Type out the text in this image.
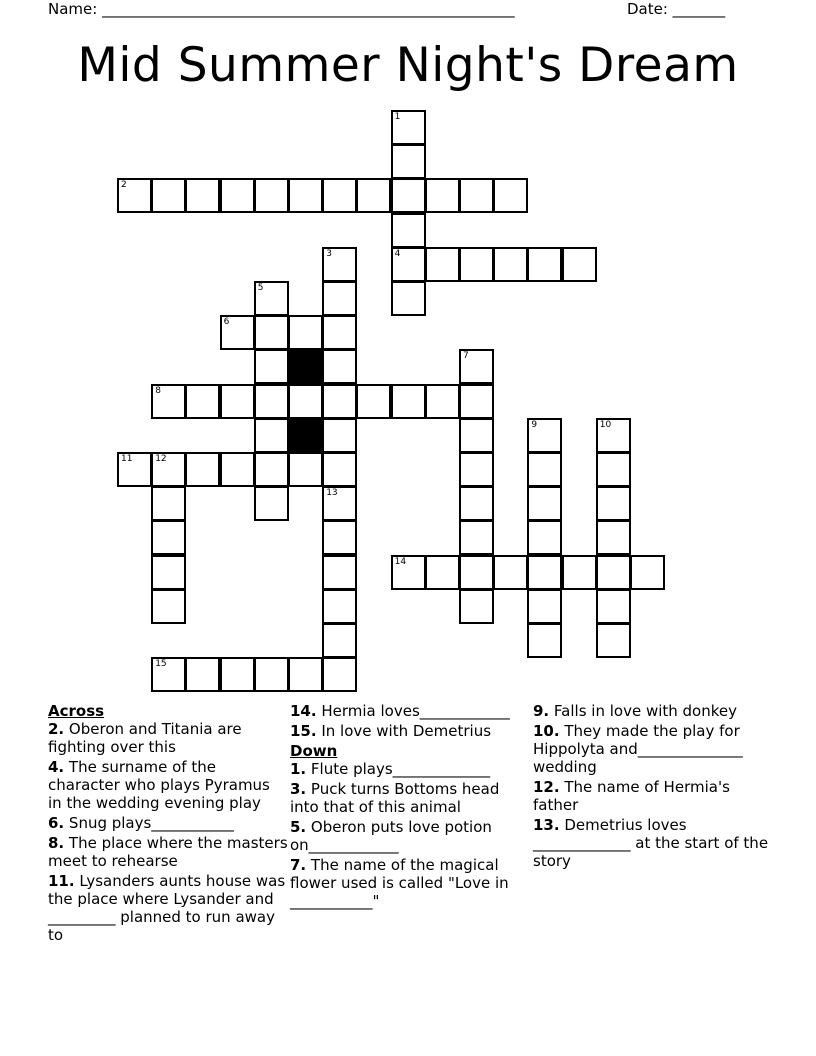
Name: _______________________________________________________	Date: _______
Mid Summer Night's Dream
1
4
2
3
5
6
7
8
9	10
11	12
13
14
15
Across
2. Oberon and Titania are fighting over this
4. The surname of the character who plays Pyramus in the wedding evening play
6. Snug plays___________
8. The place where the masters meet to rehearse
11. Lysanders aunts house was the place where Lysander and _________ planned to run away to
14. Hermia loves____________
15. In love with Demetrius
Down
1. Flute plays_____________
3. Puck turns Bottoms head into that of this animal
5. Oberon puts love potion on____________
7. The name of the magical flower used is called "Love in ___________"
9. Falls in love with donkey
10. They made the play for Hippolyta and______________ wedding
12. The name of Hermia's father
13. Demetrius loves _____________ at the start of the story
